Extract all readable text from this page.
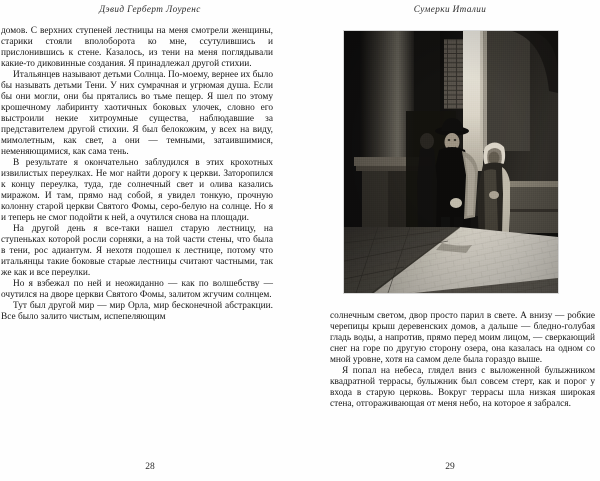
Дэвид Герберт Лоуренс

домов. С верхних ступеней лестницы на меня смотрели женщины, старики стояли вполоборота ко мне, ссутулившись и прислонившись к стене. Казалось, из тени на меня поглядывали какие-то диковинные создания. Я принадлежал другой стихии.

Итальянцев называют детьми Солнца. По-моему, вернее их было бы называть детьми Тени. У них сумрачная и угрюмая душа. Если бы они могли, они бы прятались во тьме пещер. Я шел по этому крошечному лабиринту хаотичных боковых улочек, словно его выстроили некие хитроумные существа, наблюдавшие за представителем другой стихии. Я был белокожим, у всех на виду, мимолетным, как свет, а они — темными, затаившимися, неменяющимися, как сама тень.

В результате я окончательно заблудился в этих крохотных извилистых переулках. Не мог найти дорогу к церкви. Заторопился к концу переулка, туда, где солнечный свет и олива казались миражом. И там, прямо над собой, я увидел тонкую, прочную колонну старой церкви Святого Фомы, серо-белую на солнце. Но я и теперь не смог подойти к ней, а очутился снова на площади.

На другой день я все-таки нашел старую лестницу, на ступеньках которой росли сорняки, а на той части стены, что была в тени, рос адиантум. Я нехотя подошел к лестнице, потому что итальянцы такие боковые старые лестницы считают частными, так же как и все переулки.

Но я взбежал по ней и неожиданно — как по волшебству — очутился на дворе церкви Святого Фомы, залитом жгучим солнцем.

Тут был другой мир — мир Орла, мир бесконечной абстракции. Все было залито чистым, испепеляющим

28
Сумерки Италии
29

солнечным светом, двор просто парил в свете. А внизу — робкие черепицы крыш деревенских домов, а дальше — бледно-голубая гладь воды, а напротив, прямо перед моим лицом, — сверкающий снег на горе по другую сторону озера, она казалась на одном со мной уровне, хотя на самом деле была гораздо выше.

Я попал на небеса, глядел вниз с выложенной булыжником квадратной террасы, булыжник был совсем стерт, как и порог у входа в старую церковь. Вокруг террасы шла низкая широкая стена, отгораживающая от меня небо, на которое я забрался.
